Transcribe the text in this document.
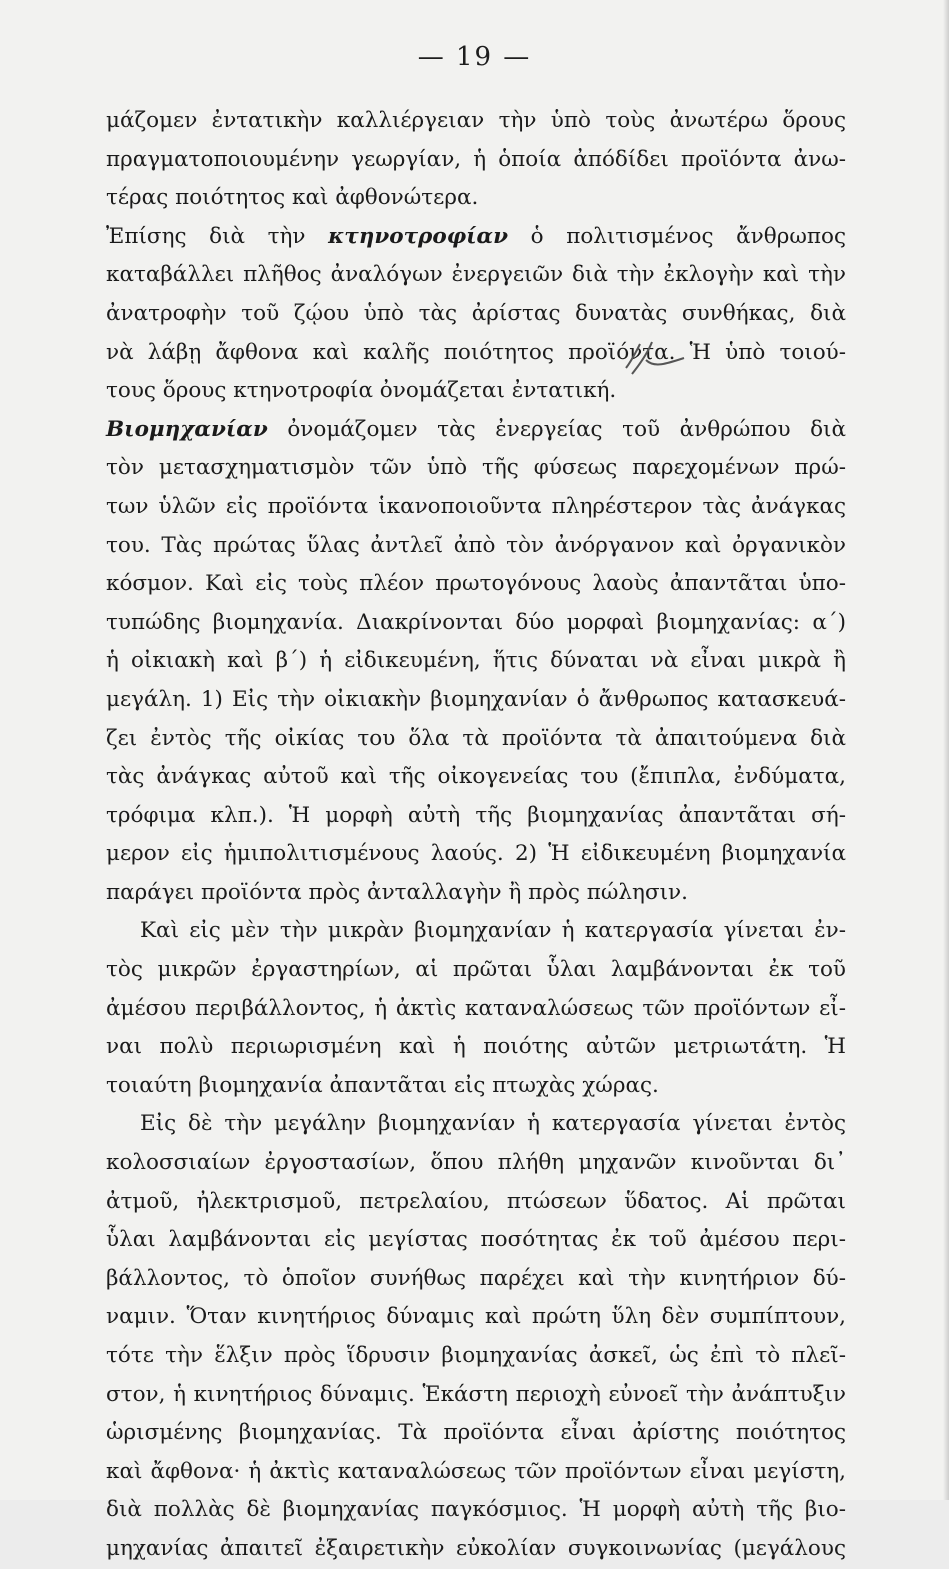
— 19 —
μάζομεν ἐντατικὴν καλλιέργειαν τὴν ὑπὸ τοὺς ἀνωτέρω ὅρους
πραγματοποιουμένην γεωργίαν, ἡ ὁποία ἀπόδίδει προϊόντα ἀνω-
τέρας ποιότητος καὶ ἀφθονώτερα.
Ἐπίσης διὰ τὴν κτηνοτροφίαν ὁ πολιτισμένος ἄνθρωπος
καταβάλλει πλῆθος ἀναλόγων ἐνεργειῶν διὰ τὴν ἐκλογὴν καὶ τὴν
ἀνατροφὴν τοῦ ζῴου ὑπὸ τὰς ἀρίστας δυνατὰς συνθήκας, διὰ
νὰ λάβῃ ἄφθονα καὶ καλῆς ποιότητος προϊόντα. Ἡ ὑπὸ τοιού-
τους ὅρους κτηνοτροφία ὀνομάζεται ἐντατική.
Βιομηχανίαν ὀνομάζομεν τὰς ἐνεργείας τοῦ ἀνθρώπου διὰ
τὸν μετασχηματισμὸν τῶν ὑπὸ τῆς φύσεως παρεχομένων πρώ-
των ὑλῶν εἰς προϊόντα ἱκανοποιοῦντα πληρέστερον τὰς ἀνάγκας
του. Τὰς πρώτας ὕλας ἀντλεῖ ἀπὸ τὸν ἀνόργανον καὶ ὀργανικὸν
κόσμον. Καὶ εἰς τοὺς πλέον πρωτογόνους λαοὺς ἀπαντᾶται ὑπο-
τυπώδης βιομηχανία. Διακρίνονται δύο μορφαὶ βιομηχανίας: α΄)
ἡ οἰκιακὴ καὶ β΄) ἡ εἰδικευμένη, ἥτις δύναται νὰ εἶναι μικρὰ ἢ
μεγάλη. 1) Εἰς τὴν οἰκιακὴν βιομηχανίαν ὁ ἄνθρωπος κατασκευά-
ζει ἐντὸς τῆς οἰκίας του ὅλα τὰ προϊόντα τὰ ἀπαιτούμενα διὰ
τὰς ἀνάγκας αὐτοῦ καὶ τῆς οἰκογενείας του (ἔπιπλα, ἐνδύματα,
τρόφιμα κλπ.). Ἡ μορφὴ αὐτὴ τῆς βιομηχανίας ἀπαντᾶται σή-
μερον εἰς ἡμιπολιτισμένους λαούς. 2) Ἡ εἰδικευμένη βιομηχανία
παράγει προϊόντα πρὸς ἀνταλλαγὴν ἢ πρὸς πώλησιν.
Καὶ εἰς μὲν τὴν μικρὰν βιομηχανίαν ἡ κατεργασία γίνεται ἐν-
τὸς μικρῶν ἐργαστηρίων, αἱ πρῶται ὗλαι λαμβάνονται ἐκ τοῦ
ἀμέσου περιβάλλοντος, ἡ ἀκτὶς καταναλώσεως τῶν προϊόντων εἶ-
ναι πολὺ περιωρισμένη καὶ ἡ ποιότης αὐτῶν μετριωτάτη. Ἡ
τοιαύτη βιομηχανία ἀπαντᾶται εἰς πτωχὰς χώρας.
Εἰς δὲ τὴν μεγάλην βιομηχανίαν ἡ κατεργασία γίνεται ἐντὸς
κολοσσιαίων ἐργοστασίων, ὅπου πλήθη μηχανῶν κινοῦνται δι᾽
ἀτμοῦ, ἠλεκτρισμοῦ, πετρελαίου, πτώσεων ὕδατος. Αἱ πρῶται
ὗλαι λαμβάνονται εἰς μεγίστας ποσότητας ἐκ τοῦ ἀμέσου περι-
βάλλοντος, τὸ ὁποῖον συνήθως παρέχει καὶ τὴν κινητήριον δύ-
ναμιν. Ὅταν κινητήριος δύναμις καὶ πρώτη ὕλη δὲν συμπίπτουν,
τότε τὴν ἕλξιν πρὸς ἵδρυσιν βιομηχανίας ἀσκεῖ, ὡς ἐπὶ τὸ πλεῖ-
στον, ἡ κινητήριος δύναμις. Ἑκάστη περιοχὴ εὐνοεῖ τὴν ἀνάπτυξιν
ὡρισμένης βιομηχανίας. Τὰ προϊόντα εἶναι ἀρίστης ποιότητος
καὶ ἄφθονα· ἡ ἀκτὶς καταναλώσεως τῶν προϊόντων εἶναι μεγίστη,
διὰ πολλὰς δὲ βιομηχανίας παγκόσμιος. Ἡ μορφὴ αὐτὴ τῆς βιο-
μηχανίας ἀπαιτεῖ ἐξαιρετικὴν εὐκολίαν συγκοινωνίας (μεγάλους
